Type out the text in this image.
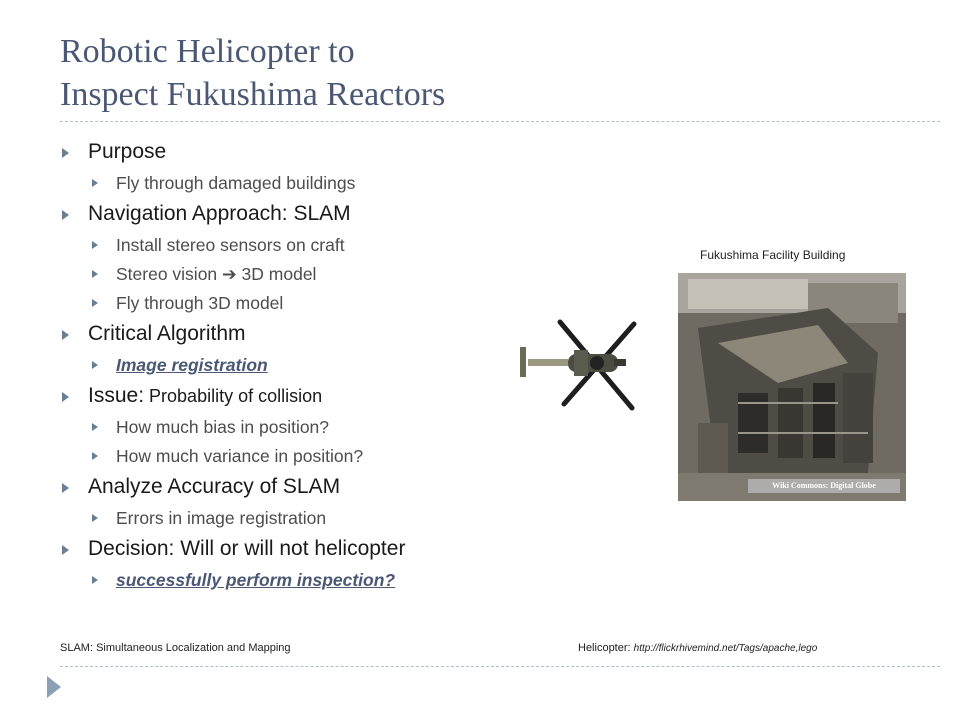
Robotic Helicopter to
Inspect Fukushima Reactors
Purpose
Fly through damaged buildings
Navigation Approach: SLAM
Install stereo sensors on craft
Stereo vision ➔ 3D model
Fly through 3D model
Critical Algorithm
Image registration
Issue: Probability of collision
How much bias in position?
How much variance in position?
Analyze Accuracy of SLAM
Errors in image registration
Decision: Will or will not helicopter
successfully perform inspection?
Fukushima Facility Building
Wiki Commons: Digital Globe
SLAM: Simultaneous Localization and Mapping	Helicopter: http://flickrhivemind.net/Tags/apache,lego
